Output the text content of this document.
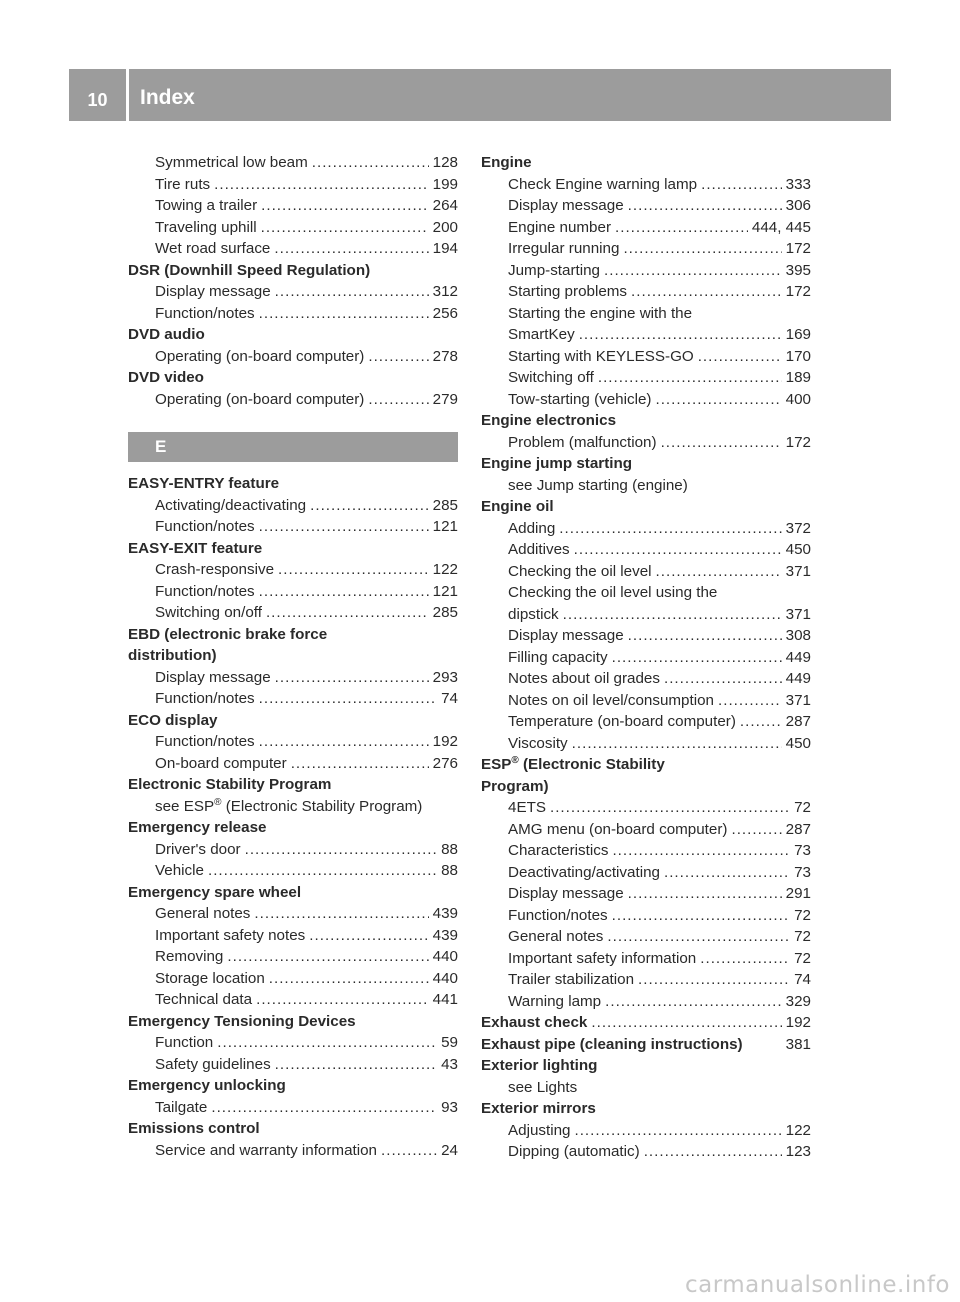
10	Index
Symmetrical low beam .....	128
Tire ruts .....	199
Towing a trailer .....	264
Traveling uphill .....	200
Wet road surface .....	194
DSR (Downhill Speed Regulation)
Display message .....	312
Function/notes .....	256
DVD audio
Operating (on-board computer) .....	278
DVD video
Operating (on-board computer) .....	279
E
EASY-ENTRY feature
Activating/deactivating .....	285
Function/notes .....	121
EASY-EXIT feature
Crash-responsive .....	122
Function/notes .....	121
Switching on/off .....	285
EBD (electronic brake force
distribution)
Display message .....	293
Function/notes .....	74
ECO display
Function/notes .....	192
On-board computer .....	276
Electronic Stability Program
see ESP® (Electronic Stability Program)
Emergency release
Driver's door .....	88
Vehicle .....	88
Emergency spare wheel
General notes .....	439
Important safety notes .....	439
Removing .....	440
Storage location .....	440
Technical data .....	441
Emergency Tensioning Devices
Function .....	59
Safety guidelines .....	43
Emergency unlocking
Tailgate .....	93
Emissions control
Service and warranty information .....	24
Engine
Check Engine warning lamp .....	333
Display message .....	306
Engine number .....	444, 445
Irregular running .....	172
Jump-starting .....	395
Starting problems .....	172
Starting the engine with the
SmartKey .....	169
Starting with KEYLESS-GO .....	170
Switching off .....	189
Tow-starting (vehicle) .....	400
Engine electronics
Problem (malfunction) .....	172
Engine jump starting
see Jump starting (engine)
Engine oil
Adding .....	372
Additives .....	450
Checking the oil level .....	371
Checking the oil level using the
dipstick .....	371
Display message .....	308
Filling capacity .....	449
Notes about oil grades .....	449
Notes on oil level/consumption .....	371
Temperature (on-board computer) .....	287
Viscosity .....	450
ESP® (Electronic Stability
Program)
4ETS .....	72
AMG menu (on-board computer) .....	287
Characteristics .....	73
Deactivating/activating .....	73
Display message .....	291
Function/notes .....	72
General notes .....	72
Important safety information .....	72
Trailer stabilization .....	74
Warning lamp .....	329
Exhaust check .....	192
Exhaust pipe (cleaning instructions)	381
Exterior lighting
see Lights
Exterior mirrors
Adjusting .....	122
Dipping (automatic) .....	123
carmanualsonline.info
